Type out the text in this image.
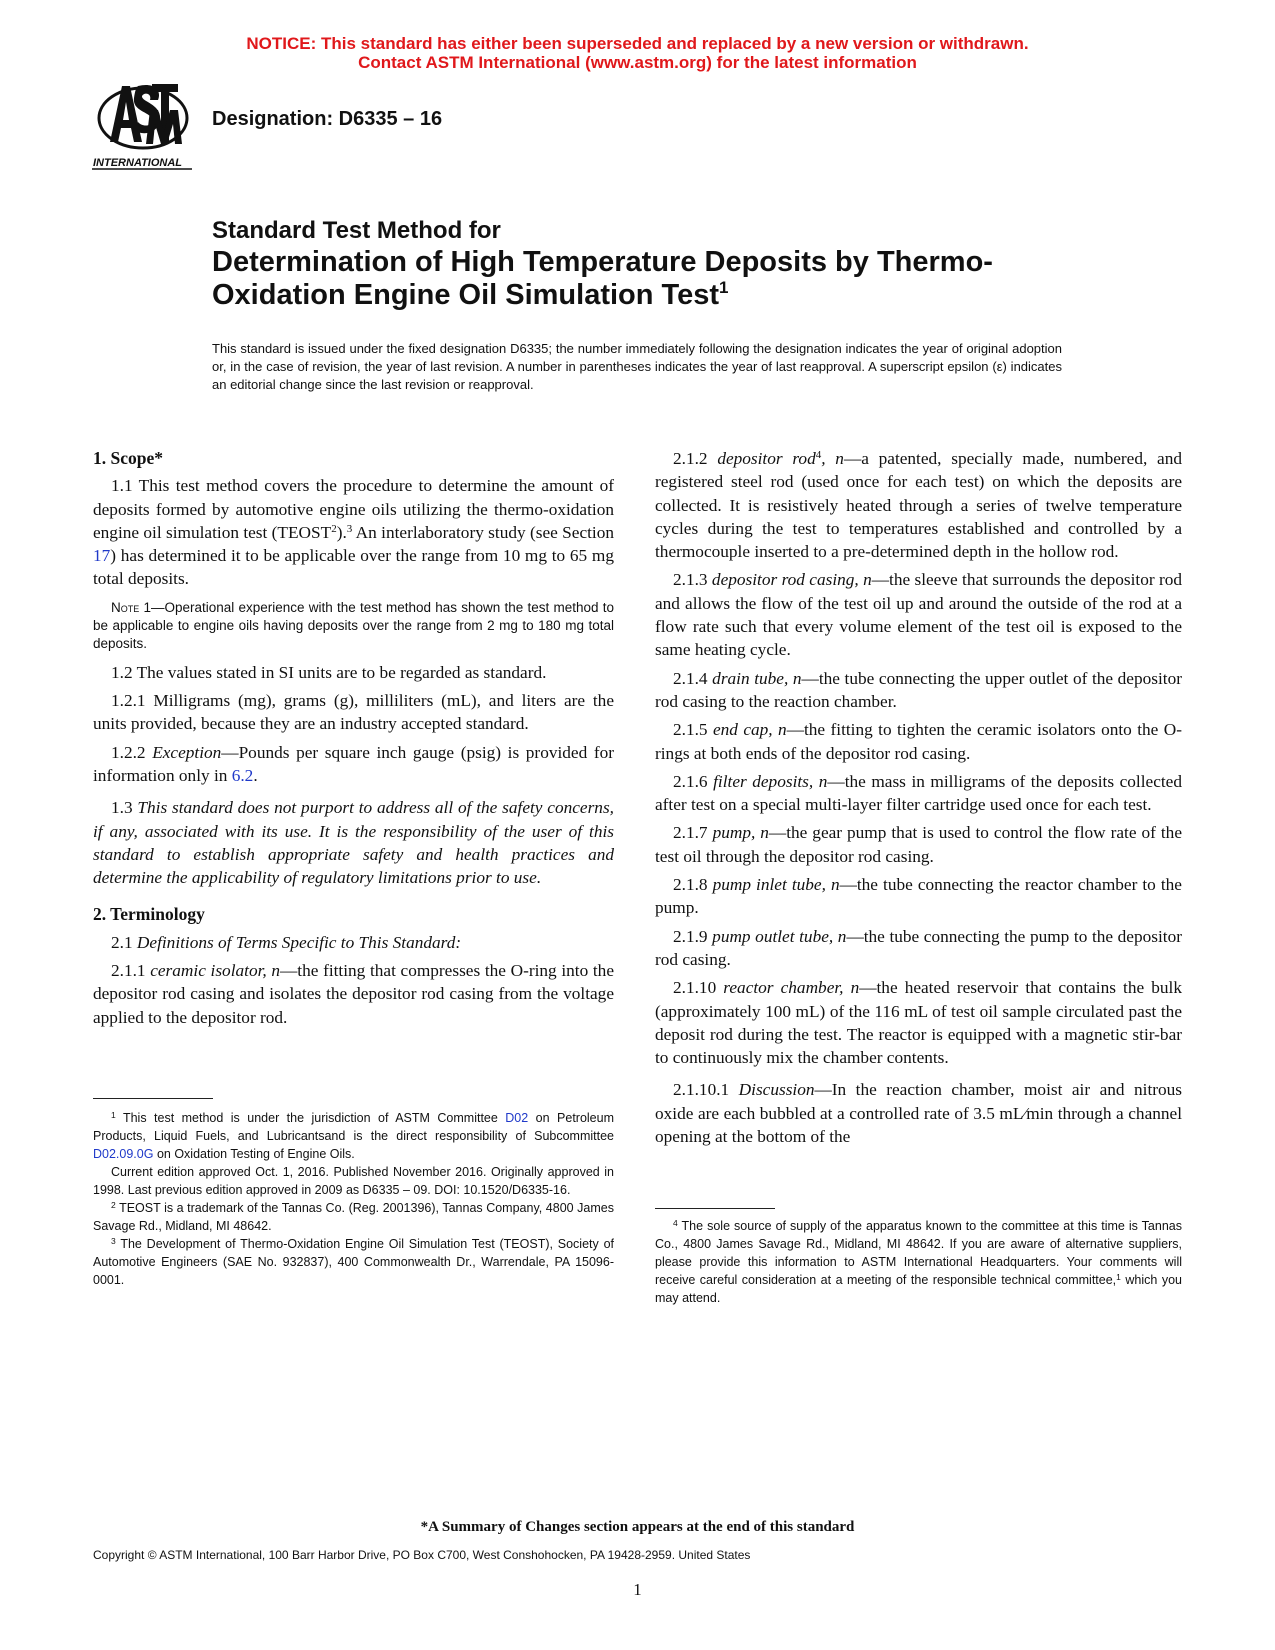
NOTICE: This standard has either been superseded and replaced by a new version or withdrawn.
Contact ASTM International (www.astm.org) for the latest information
INTERNATIONAL
Designation: D6335 – 16
Standard Test Method for
Determination of High Temperature Deposits by Thermo-
Oxidation Engine Oil Simulation Test$^1$
This standard is issued under the fixed designation D6335; the number immediately following the designation indicates the year of original adoption or, in the case of revision, the year of last revision. A number in parentheses indicates the year of last reapproval. A superscript epsilon (ε) indicates an editorial change since the last revision or reapproval.
1. Scope*

1.1 This test method covers the procedure to determine the amount of deposits formed by automotive engine oils utilizing the thermo-oxidation engine oil simulation test (TEOST$^2$).$^3$ An interlaboratory study (see Section 17) has determined it to be applicable over the range from 10 mg to 65 mg total deposits.

Note 1—Operational experience with the test method has shown the test method to be applicable to engine oils having deposits over the range from 2 mg to 180 mg total deposits.

1.2 The values stated in SI units are to be regarded as standard.

1.2.1 Milligrams (mg), grams (g), milliliters (mL), and liters are the units provided, because they are an industry accepted standard.

1.2.2 Exception—Pounds per square inch gauge (psig) is provided for information only in 6.2.

1.3 This standard does not purport to address all of the safety concerns, if any, associated with its use. It is the responsibility of the user of this standard to establish appropriate safety and health practices and determine the applicability of regulatory limitations prior to use.

2. Terminology

2.1 Definitions of Terms Specific to This Standard:

2.1.1 ceramic isolator, n—the fitting that compresses the O-ring into the depositor rod casing and isolates the depositor rod casing from the voltage applied to the depositor rod.

2.1.2 depositor rod$^4$, n—a patented, specially made, numbered, and registered steel rod (used once for each test) on which the deposits are collected. It is resistively heated through a series of twelve temperature cycles during the test to temperatures established and controlled by a thermocouple inserted to a pre-determined depth in the hollow rod.

2.1.3 depositor rod casing, n—the sleeve that surrounds the depositor rod and allows the flow of the test oil up and around the outside of the rod at a flow rate such that every volume element of the test oil is exposed to the same heating cycle.

2.1.4 drain tube, n—the tube connecting the upper outlet of the depositor rod casing to the reaction chamber.

2.1.5 end cap, n—the fitting to tighten the ceramic isolators onto the O-rings at both ends of the depositor rod casing.

2.1.6 filter deposits, n—the mass in milligrams of the deposits collected after test on a special multi-layer filter cartridge used once for each test.

2.1.7 pump, n—the gear pump that is used to control the flow rate of the test oil through the depositor rod casing.

2.1.8 pump inlet tube, n—the tube connecting the reactor chamber to the pump.

2.1.9 pump outlet tube, n—the tube connecting the pump to the depositor rod casing.

2.1.10 reactor chamber, n—the heated reservoir that contains the bulk (approximately 100 mL) of the 116 mL of test oil sample circulated past the deposit rod during the test. The reactor is equipped with a magnetic stir-bar to continuously mix the chamber contents.

2.1.10.1 Discussion—In the reaction chamber, moist air and nitrous oxide are each bubbled at a controlled rate of 3.5 mL⁄min through a channel opening at the bottom of the

$^1$ This test method is under the jurisdiction of ASTM Committee D02 on Petroleum Products, Liquid Fuels, and Lubricantsand is the direct responsibility of Subcommittee D02.09.0G on Oxidation Testing of Engine Oils.

Current edition approved Oct. 1, 2016. Published November 2016. Originally approved in 1998. Last previous edition approved in 2009 as D6335 – 09. DOI: 10.1520/D6335-16.

$^2$ TEOST is a trademark of the Tannas Co. (Reg. 2001396), Tannas Company, 4800 James Savage Rd., Midland, MI 48642.

$^3$ The Development of Thermo-Oxidation Engine Oil Simulation Test (TEOST), Society of Automotive Engineers (SAE No. 932837), 400 Commonwealth Dr., Warrendale, PA 15096-0001.

$^4$ The sole source of supply of the apparatus known to the committee at this time is Tannas Co., 4800 James Savage Rd., Midland, MI 48642. If you are aware of alternative suppliers, please provide this information to ASTM International Headquarters. Your comments will receive careful consideration at a meeting of the responsible technical committee,$^1$ which you may attend.

*A Summary of Changes section appears at the end of this standard
Copyright © ASTM International, 100 Barr Harbor Drive, PO Box C700, West Conshohocken, PA 19428-2959. United States
1
